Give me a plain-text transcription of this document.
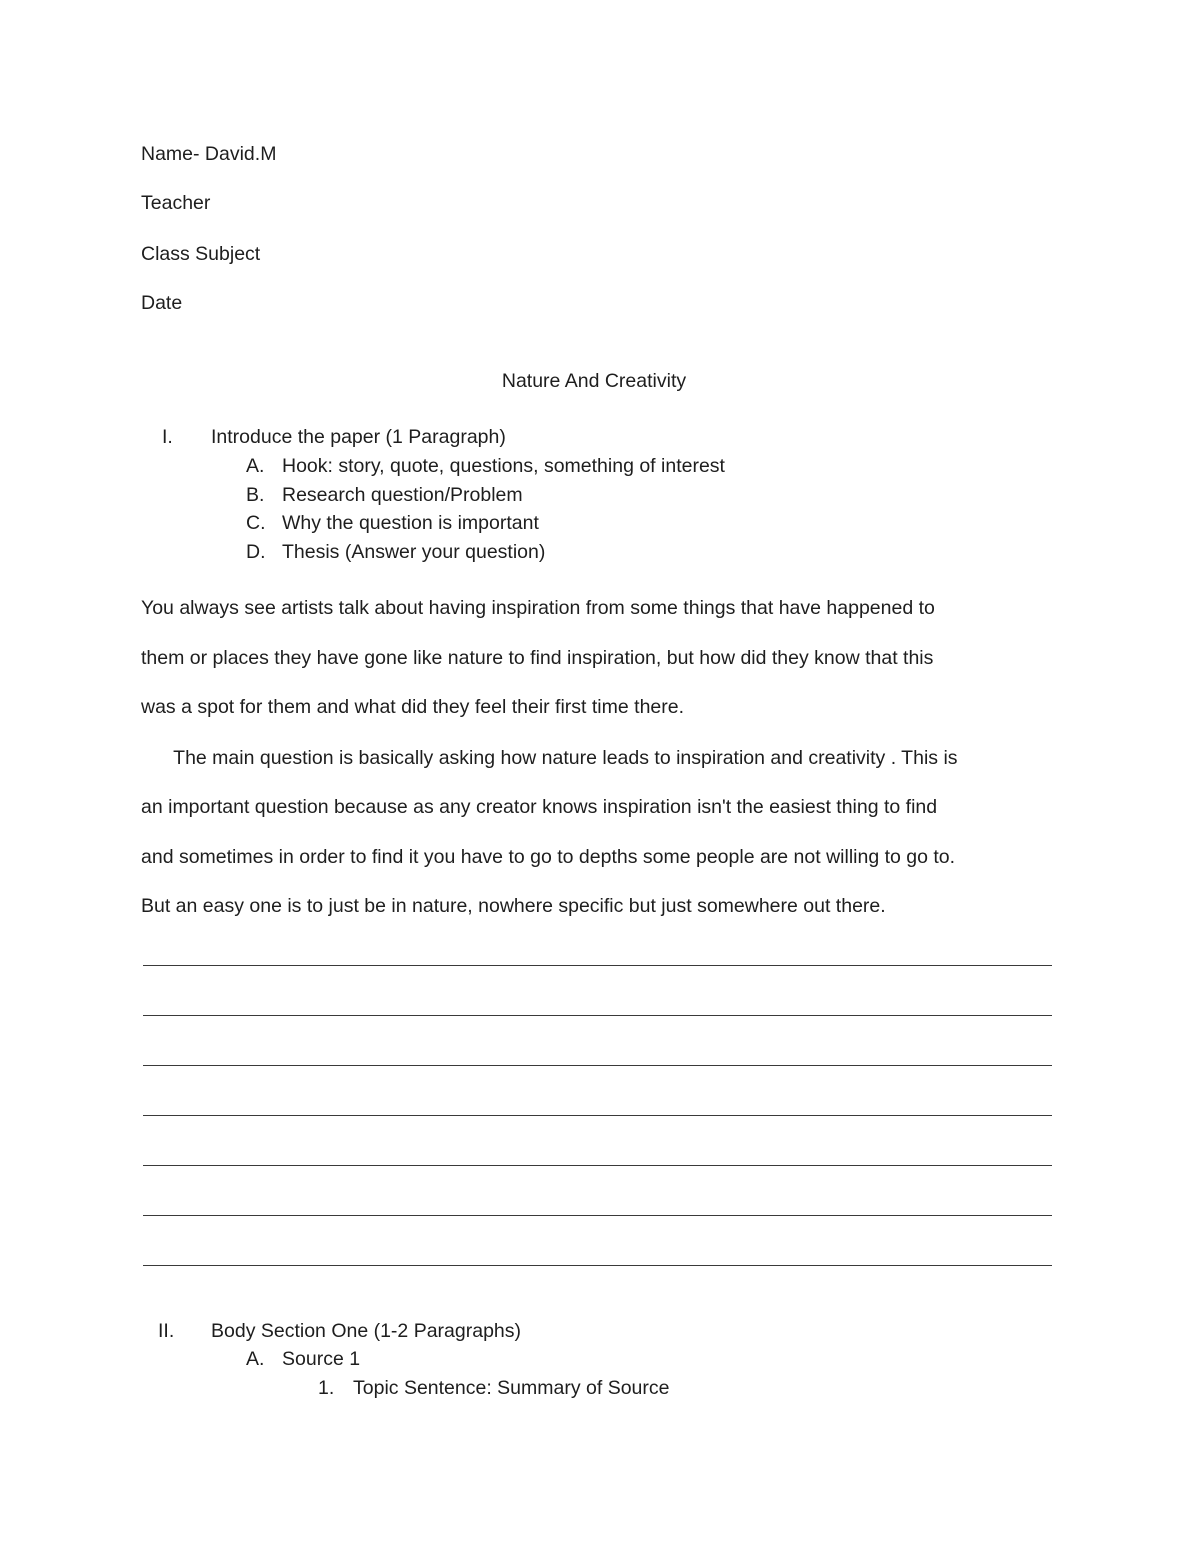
Name- David.M
Teacher
Class Subject
Date
Nature And Creativity
I. Introduce the paper (1 Paragraph)
A. Hook: story, quote, questions, something of interest
B. Research question/Problem
C. Why the question is important
D. Thesis (Answer your question)
You always see artists talk about having inspiration from some things that have happened to
them or places they have gone like nature to find inspiration, but how did they know that this
was a spot for them and what did they feel their first time there.
The main question is basically asking how nature leads to inspiration and creativity . This is
an important question because as any creator knows inspiration isn't the easiest thing to find
and sometimes in order to find it you have to go to depths some people are not willing to go to.
But an easy one is to just be in nature, nowhere specific but just somewhere out there.
II. Body Section One (1-2 Paragraphs)
A. Source 1
1. Topic Sentence: Summary of Source
